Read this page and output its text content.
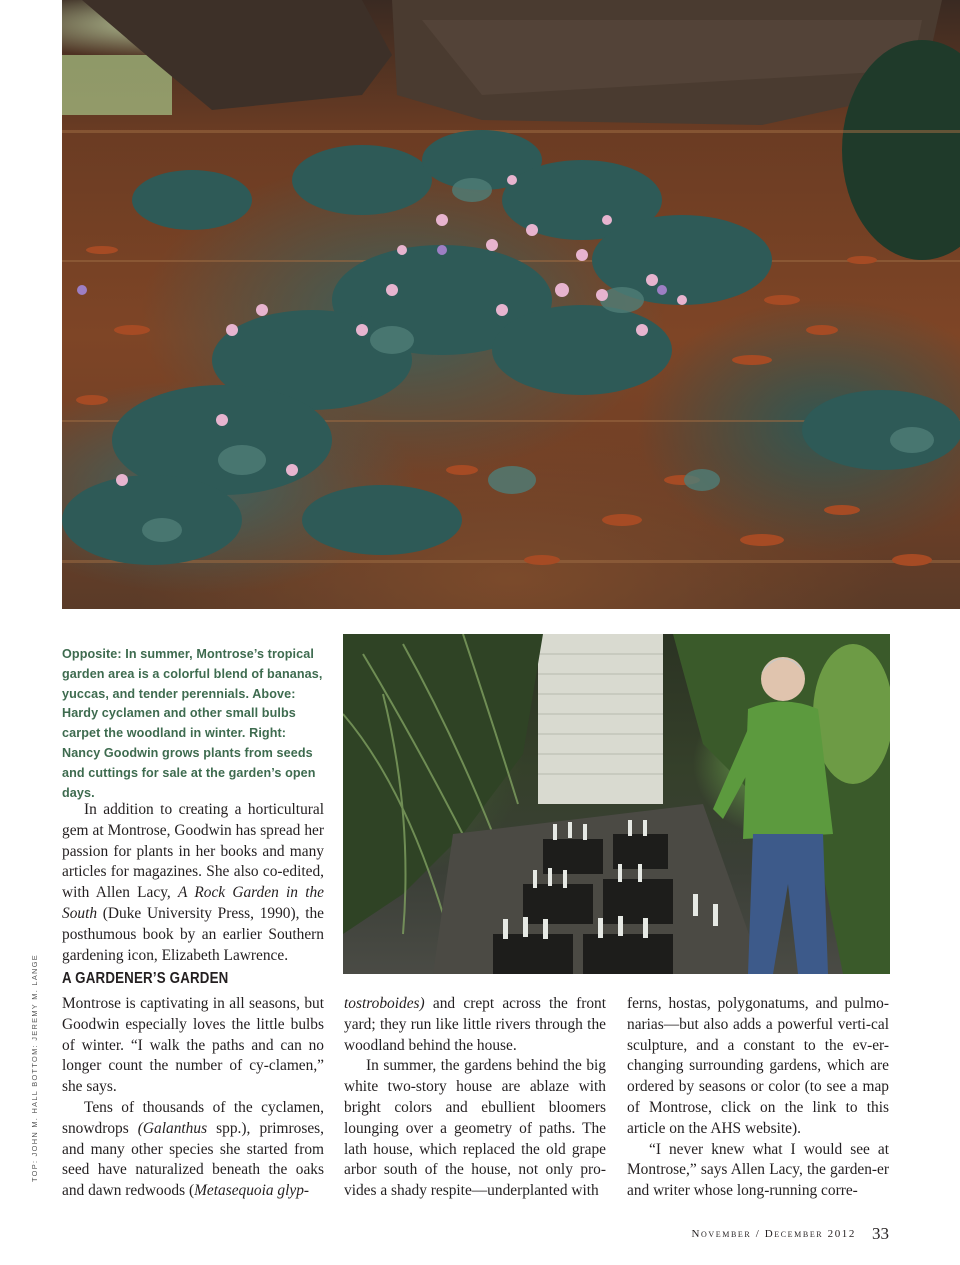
Opposite: In summer, Montrose’s tropical garden area is a colorful blend of bananas, yuccas, and tender perennials. Above: Hardy cyclamen and other small bulbs carpet the woodland in winter. Right: Nancy Goodwin grows plants from seeds and cuttings for sale at the garden’s open days.

In addition to creating a horticultural gem at Montrose, Goodwin has spread her passion for plants in her books and many articles for magazines. She also co-edited, with Allen Lacy, A Rock Garden in the South (Duke University Press, 1990), the posthumous book by an earlier Southern gardening icon, Elizabeth Lawrence.

A GARDENER’S GARDEN

Montrose is captivating in all seasons, but Goodwin especially loves the little bulbs of winter. “I walk the paths and can no longer count the number of cy-clamen,” she says.

Tens of thousands of the cyclamen, snowdrops (Galanthus spp.), primroses, and many other species she started from seed have naturalized beneath the oaks and dawn redwoods (Metasequoia glyp-

tostroboides) and crept across the front yard; they run like little rivers through the woodland behind the house.

In summer, the gardens behind the big white two-story house are ablaze with bright colors and ebullient bloomers lounging over a geometry of paths. The lath house, which replaced the old grape arbor south of the house, not only pro-vides a shady respite—underplanted with

ferns, hostas, polygonatums, and pulmo-narias—but also adds a powerful verti-cal sculpture, and a constant to the ev-er-changing surrounding gardens, which are ordered by seasons or color (to see a map of Montrose, click on the link to this article on the AHS website).

“I never knew what I would see at Montrose,” says Allen Lacy, the garden-er and writer whose long-running corre-

TOP: JOHN M. HALL BOTTOM: JEREMY M. LANGE
November / December 2012 33
